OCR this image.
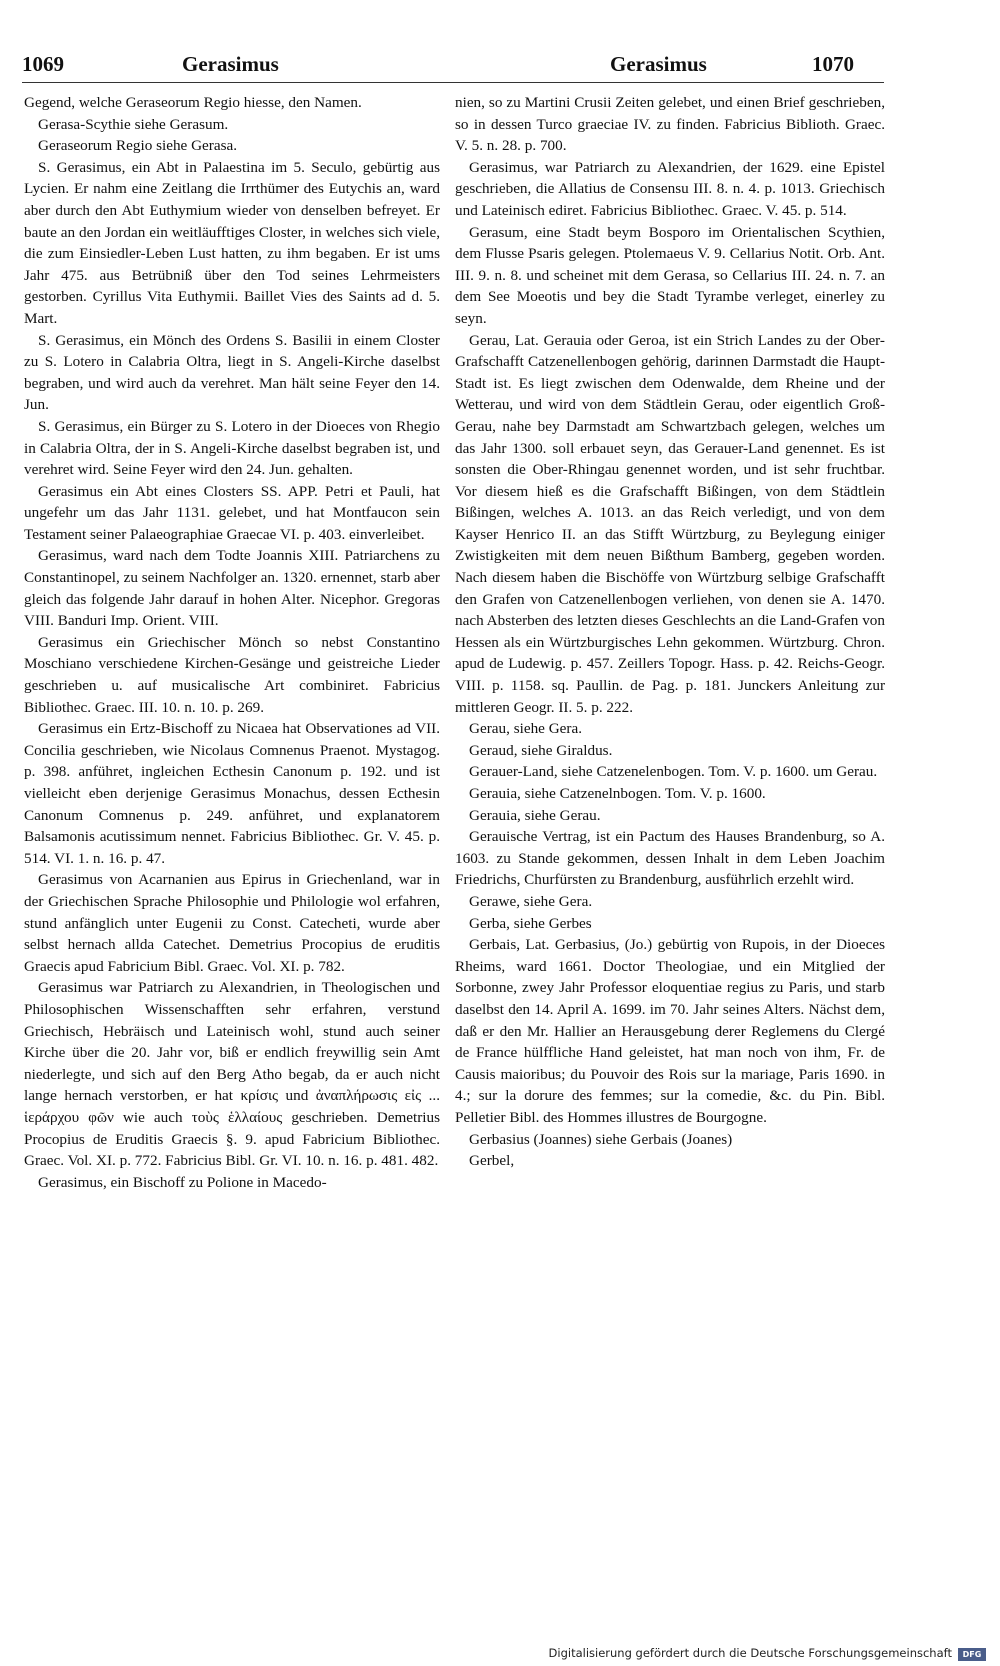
1069	Gerasimus	Gerasimus	1070

Gegend, welche Geraseorum Regio hiesse, den Namen.

Gerasa-Scythie siehe Gerasum.

Geraseorum Regio siehe Gerasa.

S. Gerasimus, ein Abt in Palaestina im 5. Seculo, gebürtig aus Lycien. Er nahm eine Zeitlang die Irrthümer des Eutychis an, ward aber durch den Abt Euthymium wieder von denselben befreyet. Er baute an den Jordan ein weitläufftiges Closter, in welches sich viele, die zum Einsiedler-Leben Lust hatten, zu ihm begaben. Er ist ums Jahr 475. aus Betrübniß über den Tod seines Lehrmeisters gestorben. Cyrillus Vita Euthymii. Baillet Vies des Saints ad d. 5. Mart.

S. Gerasimus, ein Mönch des Ordens S. Basilii in einem Closter zu S. Lotero in Calabria Oltra, liegt in S. Angeli-Kirche daselbst begraben, und wird auch da verehret. Man hält seine Feyer den 14. Jun.

S. Gerasimus, ein Bürger zu S. Lotero in der Dioeces von Rhegio in Calabria Oltra, der in S. Angeli-Kirche daselbst begraben ist, und verehret wird. Seine Feyer wird den 24. Jun. gehalten.

Gerasimus ein Abt eines Closters SS. APP. Petri et Pauli, hat ungefehr um das Jahr 1131. gelebet, und hat Montfaucon sein Testament seiner Palaeographiae Graecae VI. p. 403. einverleibet.

Gerasimus, ward nach dem Todte Joannis XIII. Patriarchens zu Constantinopel, zu seinem Nachfolger an. 1320. ernennet, starb aber gleich das folgende Jahr darauf in hohen Alter. Nicephor. Gregoras VIII. Banduri Imp. Orient. VIII.

Gerasimus ein Griechischer Mönch so nebst Constantino Moschiano verschiedene Kirchen-Gesänge und geistreiche Lieder geschrieben u. auf musicalische Art combiniret. Fabricius Bibliothec. Graec. III. 10. n. 10. p. 269.

Gerasimus ein Ertz-Bischoff zu Nicaea hat Observationes ad VII. Concilia geschrieben, wie Nicolaus Comnenus Praenot. Mystagog. p. 398. anführet, ingleichen Ecthesin Canonum p. 192. und ist vielleicht eben derjenige Gerasimus Monachus, dessen Ecthesin Canonum Comnenus p. 249. anführet, und explanatorem Balsamonis acutissimum nennet. Fabricius Bibliothec. Gr. V. 45. p. 514. VI. 1. n. 16. p. 47.

Gerasimus von Acarnanien aus Epirus in Griechenland, war in der Griechischen Sprache Philosophie und Philologie wol erfahren, stund anfänglich unter Eugenii zu Const. Catecheti, wurde aber selbst hernach allda Catechet. Demetrius Procopius de eruditis Graecis apud Fabricium Bibl. Graec. Vol. XI. p. 782.

Gerasimus war Patriarch zu Alexandrien, in Theologischen und Philosophischen Wissenschafften sehr erfahren, verstund Griechisch, Hebräisch und Lateinisch wohl, stund auch seiner Kirche über die 20. Jahr vor, biß er endlich freywillig sein Amt niederlegte, und sich auf den Berg Atho begab, da er auch nicht lange hernach verstorben, er hat κρίσις und ἀναπλήρωσις εἰς ... ἱεράρχου φῶν wie auch τοὺς ἑλλαίους geschrieben. Demetrius Procopius de Eruditis Graecis §. 9. apud Fabricium Bibliothec. Graec. Vol. XI. p. 772. Fabricius Bibl. Gr. VI. 10. n. 16. p. 481. 482.

Gerasimus, ein Bischoff zu Polione in Macedo-

nien, so zu Martini Crusii Zeiten gelebet, und einen Brief geschrieben, so in dessen Turco graeciae IV. zu finden. Fabricius Biblioth. Graec. V. 5. n. 28. p. 700.

Gerasimus, war Patriarch zu Alexandrien, der 1629. eine Epistel geschrieben, die Allatius de Consensu III. 8. n. 4. p. 1013. Griechisch und Lateinisch ediret. Fabricius Bibliothec. Graec. V. 45. p. 514.

Gerasum, eine Stadt beym Bosporo im Orientalischen Scythien, dem Flusse Psaris gelegen. Ptolemaeus V. 9. Cellarius Notit. Orb. Ant. III. 9. n. 8. und scheinet mit dem Gerasa, so Cellarius III. 24. n. 7. an dem See Moeotis und bey die Stadt Tyrambe verleget, einerley zu seyn.

Gerau, Lat. Gerauia oder Geroa, ist ein Strich Landes zu der Ober-Grafschafft Catzenellenbogen gehörig, darinnen Darmstadt die Haupt-Stadt ist. Es liegt zwischen dem Odenwalde, dem Rheine und der Wetterau, und wird von dem Städtlein Gerau, oder eigentlich Groß-Gerau, nahe bey Darmstadt am Schwartzbach gelegen, welches um das Jahr 1300. soll erbauet seyn, das Gerauer-Land genennet. Es ist sonsten die Ober-Rhingau genennet worden, und ist sehr fruchtbar. Vor diesem hieß es die Grafschafft Bißingen, von dem Städtlein Bißingen, welches A. 1013. an das Reich verledigt, und von dem Kayser Henrico II. an das Stifft Würtzburg, zu Beylegung einiger Zwistigkeiten mit dem neuen Bißthum Bamberg, gegeben worden. Nach diesem haben die Bischöffe von Würtzburg selbige Grafschafft den Grafen von Catzenellenbogen verliehen, von denen sie A. 1470. nach Absterben des letzten dieses Geschlechts an die Land-Grafen von Hessen als ein Würtzburgisches Lehn gekommen. Würtzburg. Chron. apud de Ludewig. p. 457. Zeillers Topogr. Hass. p. 42. Reichs-Geogr. VIII. p. 1158. sq. Paullin. de Pag. p. 181. Junckers Anleitung zur mittleren Geogr. II. 5. p. 222.

Gerau, siehe Gera.

Geraud, siehe Giraldus.

Gerauer-Land, siehe Catzenelenbogen. Tom. V. p. 1600. um Gerau.

Gerauia, siehe Catzenelnbogen. Tom. V. p. 1600.

Gerauia, siehe Gerau.

Gerauische Vertrag, ist ein Pactum des Hauses Brandenburg, so A. 1603. zu Stande gekommen, dessen Inhalt in dem Leben Joachim Friedrichs, Churfürsten zu Brandenburg, ausführlich erzehlt wird.

Gerawe, siehe Gera.

Gerba, siehe Gerbes

Gerbais, Lat. Gerbasius, (Jo.) gebürtig von Rupois, in der Dioeces Rheims, ward 1661. Doctor Theologiae, und ein Mitglied der Sorbonne, zwey Jahr Professor eloquentiae regius zu Paris, und starb daselbst den 14. April A. 1699. im 70. Jahr seines Alters. Nächst dem, daß er den Mr. Hallier an Herausgebung derer Reglemens du Clergé de France hülffliche Hand geleistet, hat man noch von ihm, Fr. de Causis maioribus; du Pouvoir des Rois sur la mariage, Paris 1690. in 4.; sur la dorure des femmes; sur la comedie, &c. du Pin. Bibl. Pelletier Bibl. des Hommes illustres de Bourgogne.

Gerbasius (Joannes) siehe Gerbais (Joanes)

Gerbel,

Digitalisierung gefördert durch die Deutsche Forschungsgemeinschaft	DFG
